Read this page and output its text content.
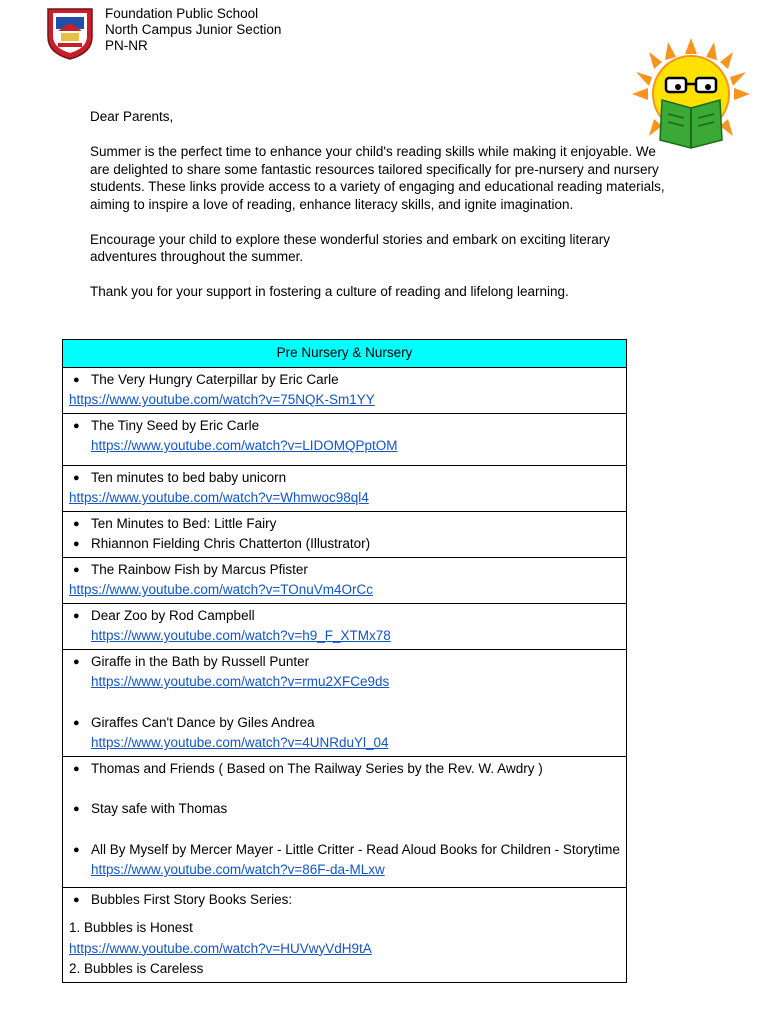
Foundation Public School
North Campus Junior Section
PN-NR

Dear Parents,

Summer is the perfect time to enhance your child's reading skills while making it enjoyable. We are delighted to share some fantastic resources tailored specifically for pre-nursery and nursery students. These links provide access to a variety of engaging and educational reading materials, aiming to inspire a love of reading, enhance literacy skills, and ignite imagination.

Encourage your child to explore these wonderful stories and embark on exciting literary adventures throughout the summer.

Thank you for your support in fostering a culture of reading and lifelong learning.

Pre Nursery & Nursery

● The Very Hungry Caterpillar by Eric Carle
https://www.youtube.com/watch?v=75NQK-Sm1YY

● The Tiny Seed by Eric Carle
https://www.youtube.com/watch?v=LIDOMQPptOM

● Ten minutes to bed baby unicorn
https://www.youtube.com/watch?v=Whmwoc98ql4

● Ten Minutes to Bed: Little Fairy
● Rhiannon Fielding Chris Chatterton (Illustrator)

● The Rainbow Fish by Marcus Pfister
https://www.youtube.com/watch?v=TOnuVm4OrCc

● Dear Zoo by Rod Campbell
https://www.youtube.com/watch?v=h9_F_XTMx78

● Giraffe in the Bath by Russell Punter
https://www.youtube.com/watch?v=rmu2XFCe9ds
● Giraffes Can't Dance by Giles Andrea
https://www.youtube.com/watch?v=4UNRduYl_04

● Thomas and Friends ( Based on The Railway Series by the Rev. W. Awdry )
● Stay safe with Thomas
● All By Myself by Mercer Mayer - Little Critter - Read Aloud Books for Children - Storytime
https://www.youtube.com/watch?v=86F-da-MLxw

● Bubbles First Story Books Series:
1. Bubbles is Honest
https://www.youtube.com/watch?v=HUVwyVdH9tA
2. Bubbles is Careless
